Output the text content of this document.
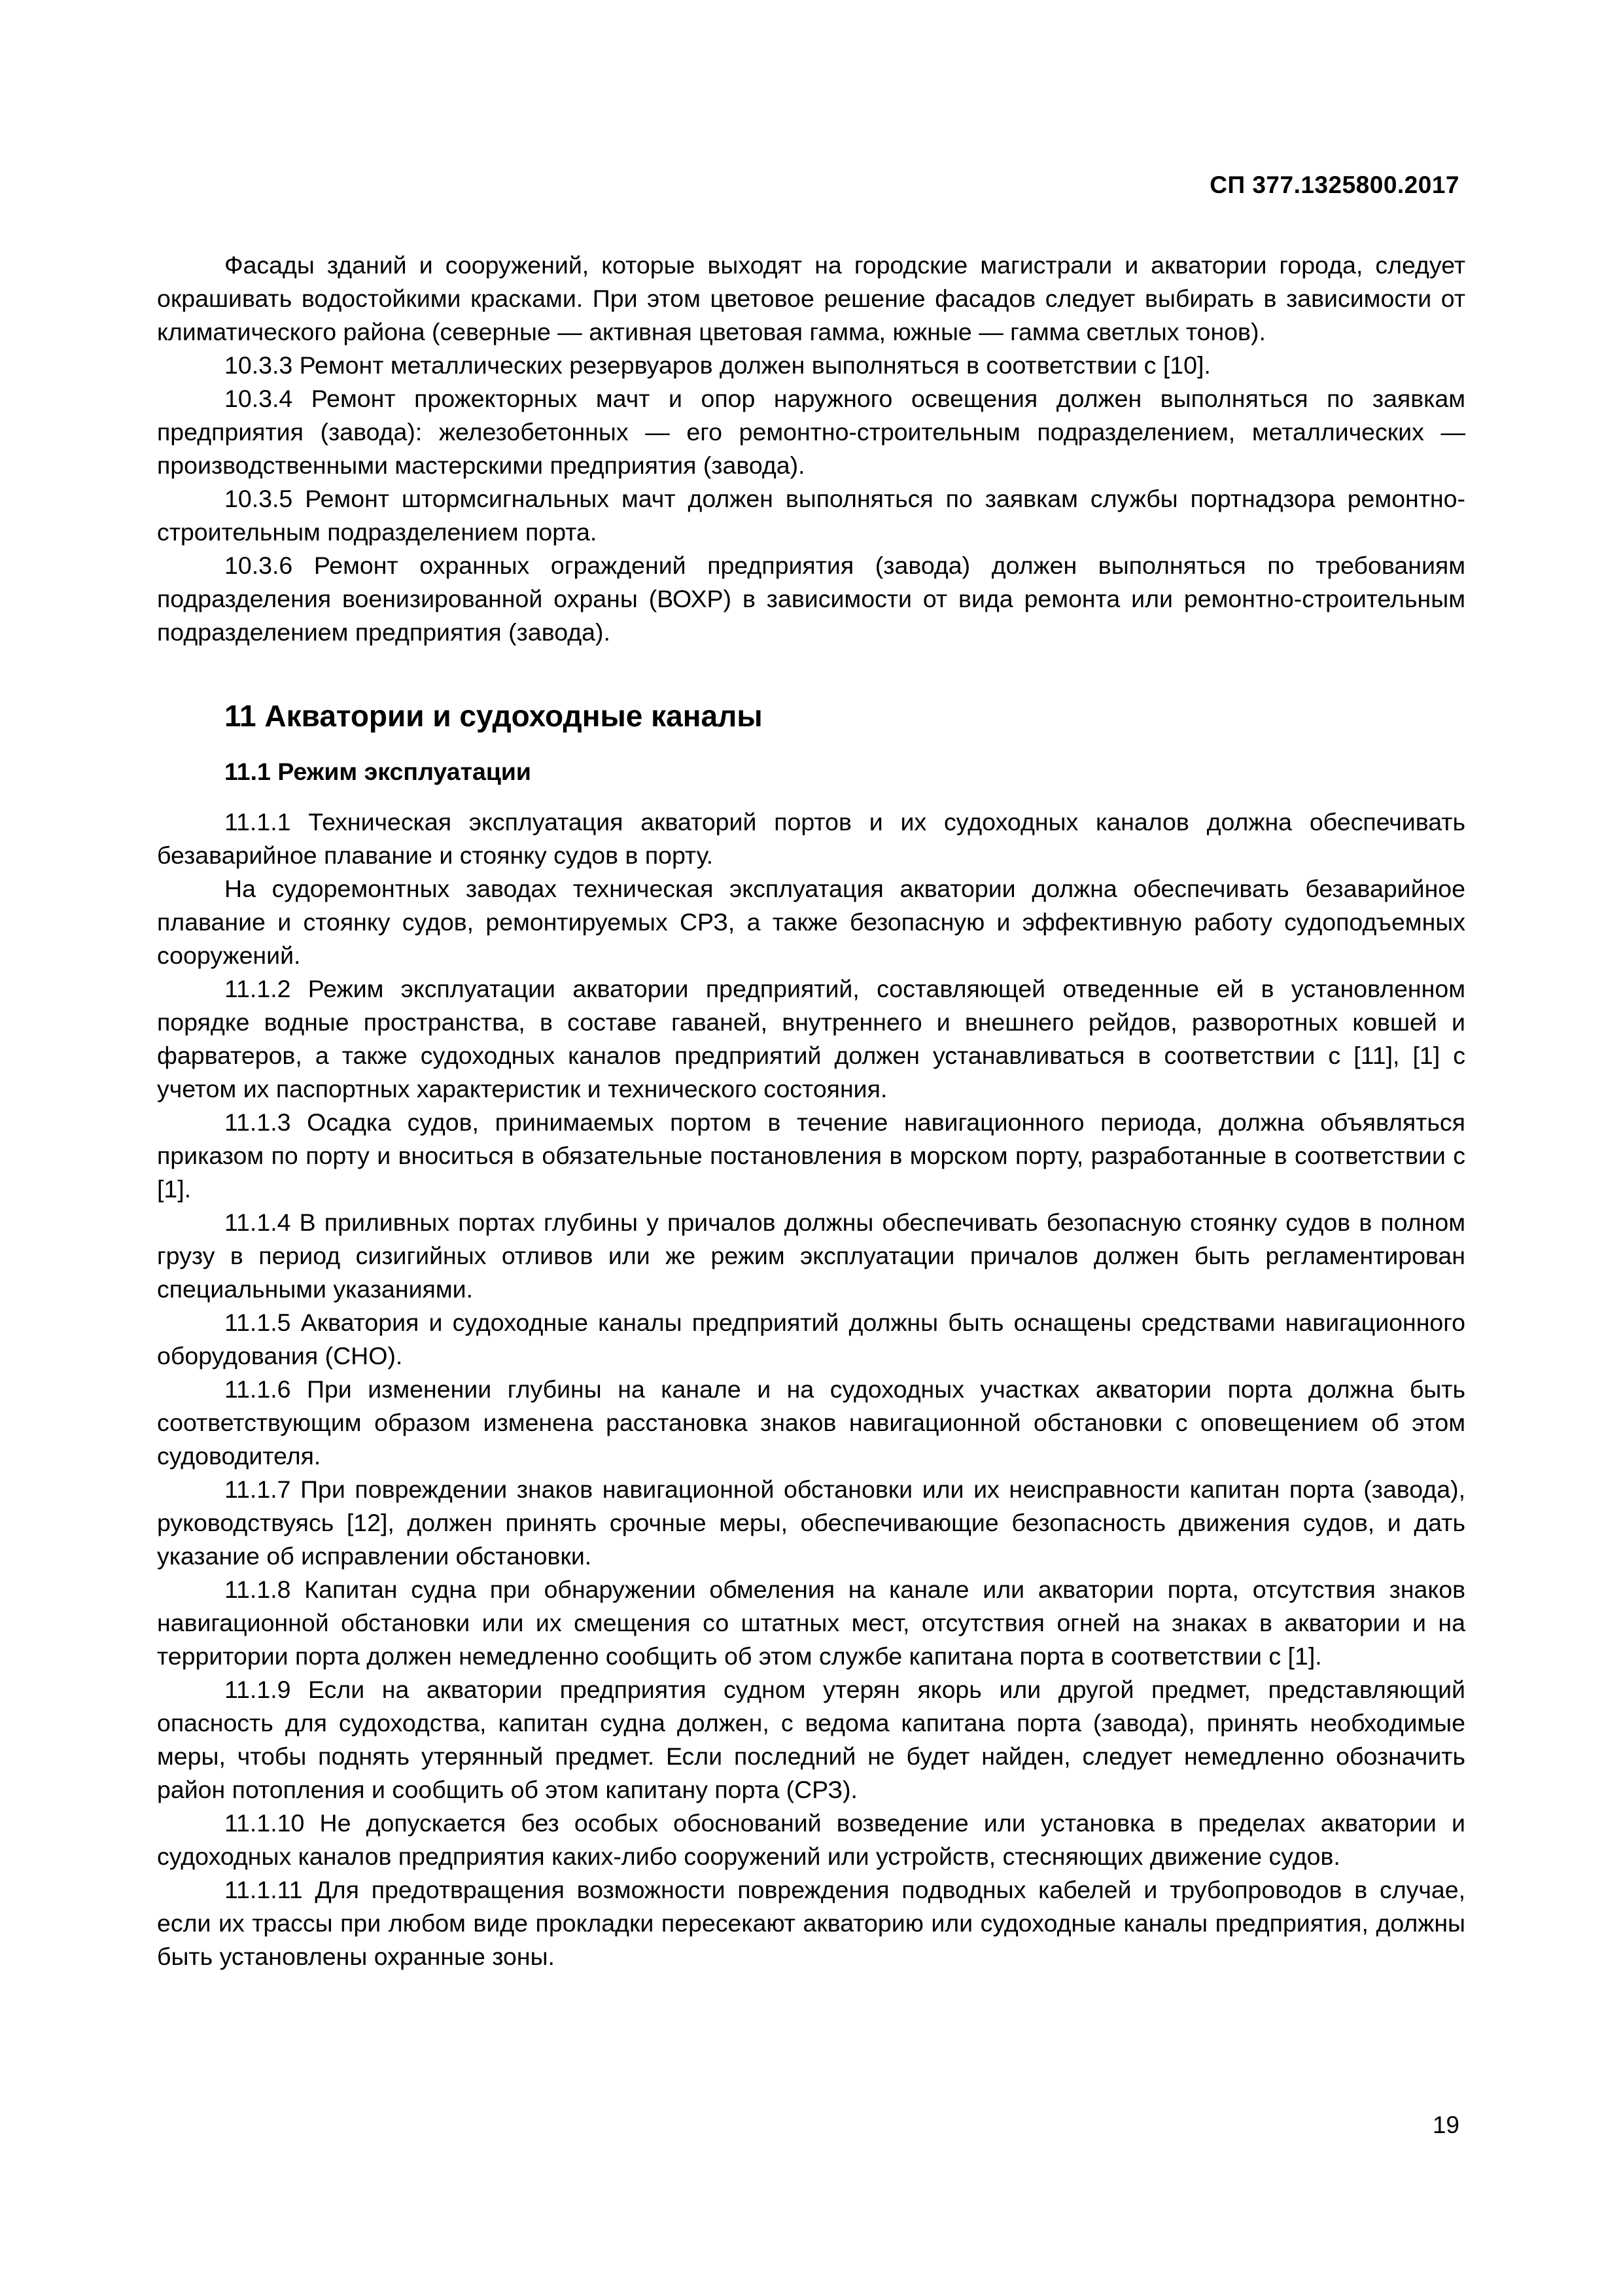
СП 377.1325800.2017

Фасады зданий и сооружений, которые выходят на городские магистрали и акватории города, следует окрашивать водостойкими красками. При этом цветовое решение фасадов следует выбирать в зависимости от климатического района (северные — активная цветовая гамма, южные — гамма светлых тонов).

10.3.3 Ремонт металлических резервуаров должен выполняться в соответствии с [10].

10.3.4 Ремонт прожекторных мачт и опор наружного освещения должен выполняться по заявкам предприятия (завода): железобетонных — его ремонтно-строительным подразделением, металлических — производственными мастерскими предприятия (завода).

10.3.5 Ремонт штормсигнальных мачт должен выполняться по заявкам службы портнадзора ремонтно-строительным подразделением порта.

10.3.6 Ремонт охранных ограждений предприятия (завода) должен выполняться по требованиям подразделения военизированной охраны (ВОХР) в зависимости от вида ремонта или ремонтно-строительным подразделением предприятия (завода).

11 Акватории и судоходные каналы
11.1 Режим эксплуатации

11.1.1 Техническая эксплуатация акваторий портов и их судоходных каналов должна обеспечивать безаварийное плавание и стоянку судов в порту.

На судоремонтных заводах техническая эксплуатация акватории должна обеспечивать безаварийное плавание и стоянку судов, ремонтируемых СРЗ, а также безопасную и эффективную работу судоподъемных сооружений.

11.1.2 Режим эксплуатации акватории предприятий, составляющей отведенные ей в установленном порядке водные пространства, в составе гаваней, внутреннего и внешнего рейдов, разворотных ковшей и фарватеров, а также судоходных каналов предприятий должен устанавливаться в соответствии с [11], [1] с учетом их паспортных характеристик и технического состояния.

11.1.3 Осадка судов, принимаемых портом в течение навигационного периода, должна объявляться приказом по порту и вноситься в обязательные постановления в морском порту, разработанные в соответствии с [1].

11.1.4 В приливных портах глубины у причалов должны обеспечивать безопасную стоянку судов в полном грузу в период сизигийных отливов или же режим эксплуатации причалов должен быть регламентирован специальными указаниями.

11.1.5 Акватория и судоходные каналы предприятий должны быть оснащены средствами навигационного оборудования (СНО).

11.1.6 При изменении глубины на канале и на судоходных участках акватории порта должна быть соответствующим образом изменена расстановка знаков навигационной обстановки с оповещением об этом судоводителя.

11.1.7 При повреждении знаков навигационной обстановки или их неисправности капитан порта (завода), руководствуясь [12], должен принять срочные меры, обеспечивающие безопасность движения судов, и дать указание об исправлении обстановки.

11.1.8 Капитан судна при обнаружении обмеления на канале или акватории порта, отсутствия знаков навигационной обстановки или их смещения со штатных мест, отсутствия огней на знаках в акватории и на территории порта должен немедленно сообщить об этом службе капитана порта в соответствии с [1].

11.1.9 Если на акватории предприятия судном утерян якорь или другой предмет, представляющий опасность для судоходства, капитан судна должен, с ведома капитана порта (завода), принять необходимые меры, чтобы поднять утерянный предмет. Если последний не будет найден, следует немедленно обозначить район потопления и сообщить об этом капитану порта (СРЗ).

11.1.10 Не допускается без особых обоснований возведение или установка в пределах акватории и судоходных каналов предприятия каких-либо сооружений или устройств, стесняющих движение судов.

11.1.11 Для предотвращения возможности повреждения подводных кабелей и трубопроводов в случае, если их трассы при любом виде прокладки пересекают акваторию или судоходные каналы предприятия, должны быть установлены охранные зоны.

19
